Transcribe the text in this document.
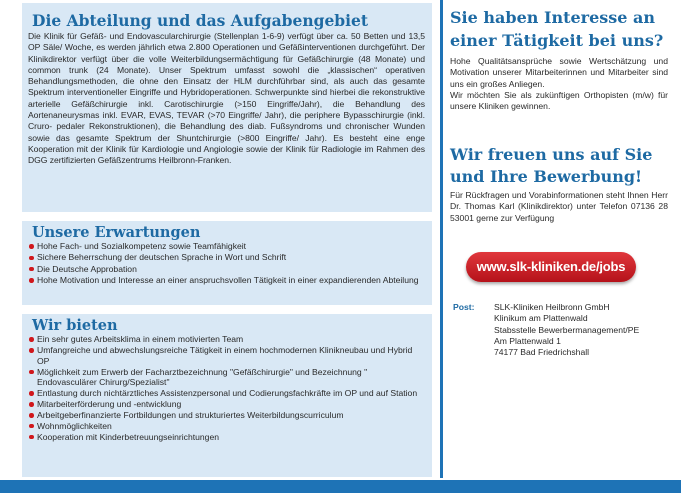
Die Abteilung und das Aufgabengebiet

Die Klinik für Gefäß- und Endovascularchirurgie (Stellenplan 1-6-9) verfügt über ca. 50 Betten und 13,5 OP Säle/ Woche, es werden jährlich etwa 2.800 Operationen und Gefäßinterventionen durchgeführt. Der Klinikdirektor verfügt über die volle Weiterbildungsermächtigung für Gefäßchirurgie (48 Monate) und common trunk (24 Monate). Unser Spektrum umfasst sowohl die „klassischen“ operativen Behandlungsmethoden, die ohne den Einsatz der HLM durchführbar sind, als auch das gesamte Spektrum interventioneller Eingriffe und Hybridoperationen. Schwerpunkte sind hierbei die rekonstruktive arterielle Gefäßchirurgie inkl. Carotischirurgie (>150 Eingriffe/Jahr), die Behandlung des Aortenaneurysmas inkl. EVAR, EVAS, TEVAR (>70 Eingriffe/ Jahr), die periphere Bypasschirurgie (inkl. Cruro- pedaler Rekonstruktionen), die Behandlung des diab. Fußsyndroms und chronischer Wunden sowie das gesamte Spektrum der Shuntchirurgie (>800 Eingriffe/ Jahr). Es besteht eine enge Kooperation mit der Klinik für Kardiologie und Angiologie sowie der Klinik für Radiologie im Rahmen des DGG zertifizierten Gefäßzentrums Heilbronn-Franken.

Unsere Erwartungen
Hohe Fach- und Sozialkompetenz sowie Teamfähigkeit
Sichere Beherrschung der deutschen Sprache in Wort und Schrift
Die Deutsche Approbation
Hohe Motivation und Interesse an einer anspruchsvollen Tätigkeit in einer expandierenden Abteilung
Wir bieten
Ein sehr gutes Arbeitsklima in einem motivierten Team
Umfangreiche und abwechslungsreiche Tätigkeit in einem hochmodernen Klinikneubau und Hybrid OP
Möglichkeit zum Erwerb der Facharztbezeichnung "Gefäßchirurgie" und Bezeichnung " Endovasculärer Chirurg/Spezialist"
Entlastung durch nichtärztliches Assistenzpersonal und Codierungsfachkräfte im OP und auf Station
Mitarbeiterförderung und -entwicklung
Arbeitgeberfinanzierte Fortbildungen und strukturiertes Weiterbildungscurriculum
Wohnmöglichkeiten
Kooperation mit Kinderbetreuungseinrichtungen
Sie haben Interesse an
einer Tätigkeit bei uns?

Hohe Qualitätsansprüche sowie Wertschätzung und Motivation unserer Mitarbeiterinnen und Mitarbeiter sind uns ein großes Anliegen.
Wir möchten Sie als zukünftigen Orthopisten (m/w) für unsere Kliniken gewinnen.

Wir freuen uns auf Sie
und Ihre Bewerbung!

Für Rückfragen und Vorabinformationen steht Ihnen Herr Dr. Thomas Karl (Klinikdirektor) unter Telefon 07136 28 53001 gerne zur Verfügung

www.slk-kliniken.de/jobs
Post: SLK-Kliniken Heilbronn GmbH
Klinikum am Plattenwald
Stabsstelle Bewerbermanagement/PE
Am Plattenwald 1
74177 Bad Friedrichshall
